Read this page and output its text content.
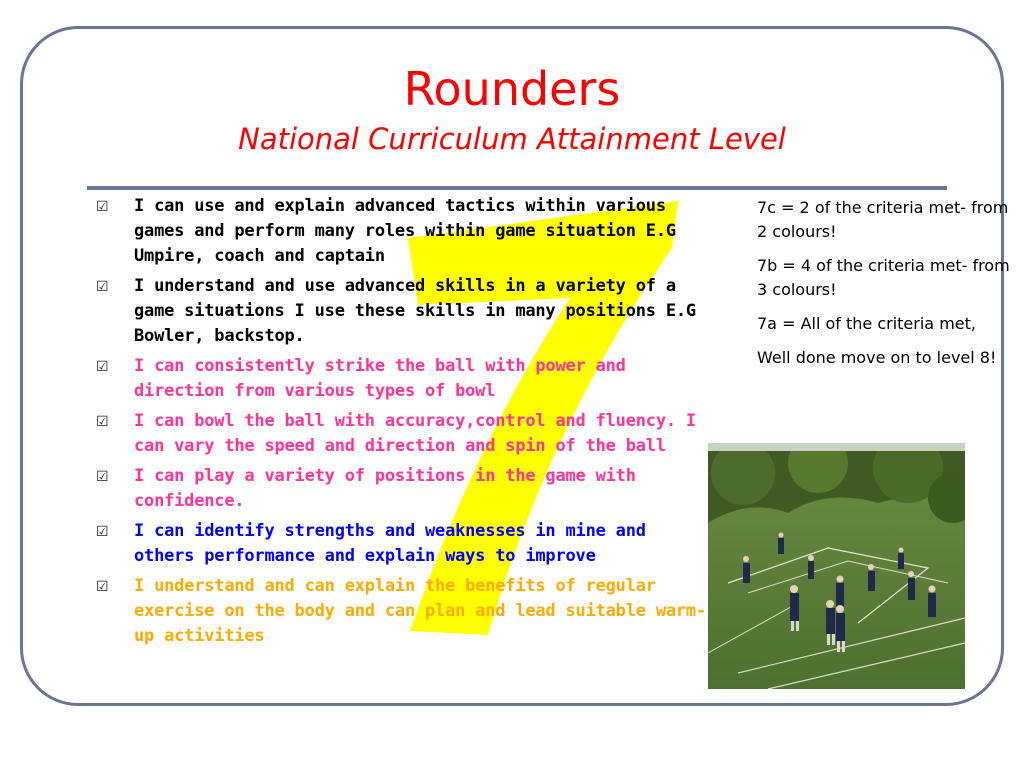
Rounders
National Curriculum Attainment Level
☑ I can use and explain advanced tactics within various games and perform many roles within game situation E.G Umpire, coach and captain
☑ I understand and use advanced skills in a variety of a game situations I use these skills in many positions E.G Bowler, backstop.
☑ I can consistently strike the ball with power and direction from various types of bowl
☑ I can bowl the ball with accuracy,control and fluency. I can vary the speed and direction and spin of the ball
☑ I can play a variety of positions in the game with confidence.
☑ I can identify strengths and weaknesses in mine and others performance and explain ways to improve
☑ I understand and can explain the benefits of regular exercise on the body and can plan and lead suitable warm-up activities

7c = 2 of the criteria met- from 2 colours!

7b = 4 of the criteria met- from 3 colours!

7a = All of the criteria met,

Well done move on to level 8!
